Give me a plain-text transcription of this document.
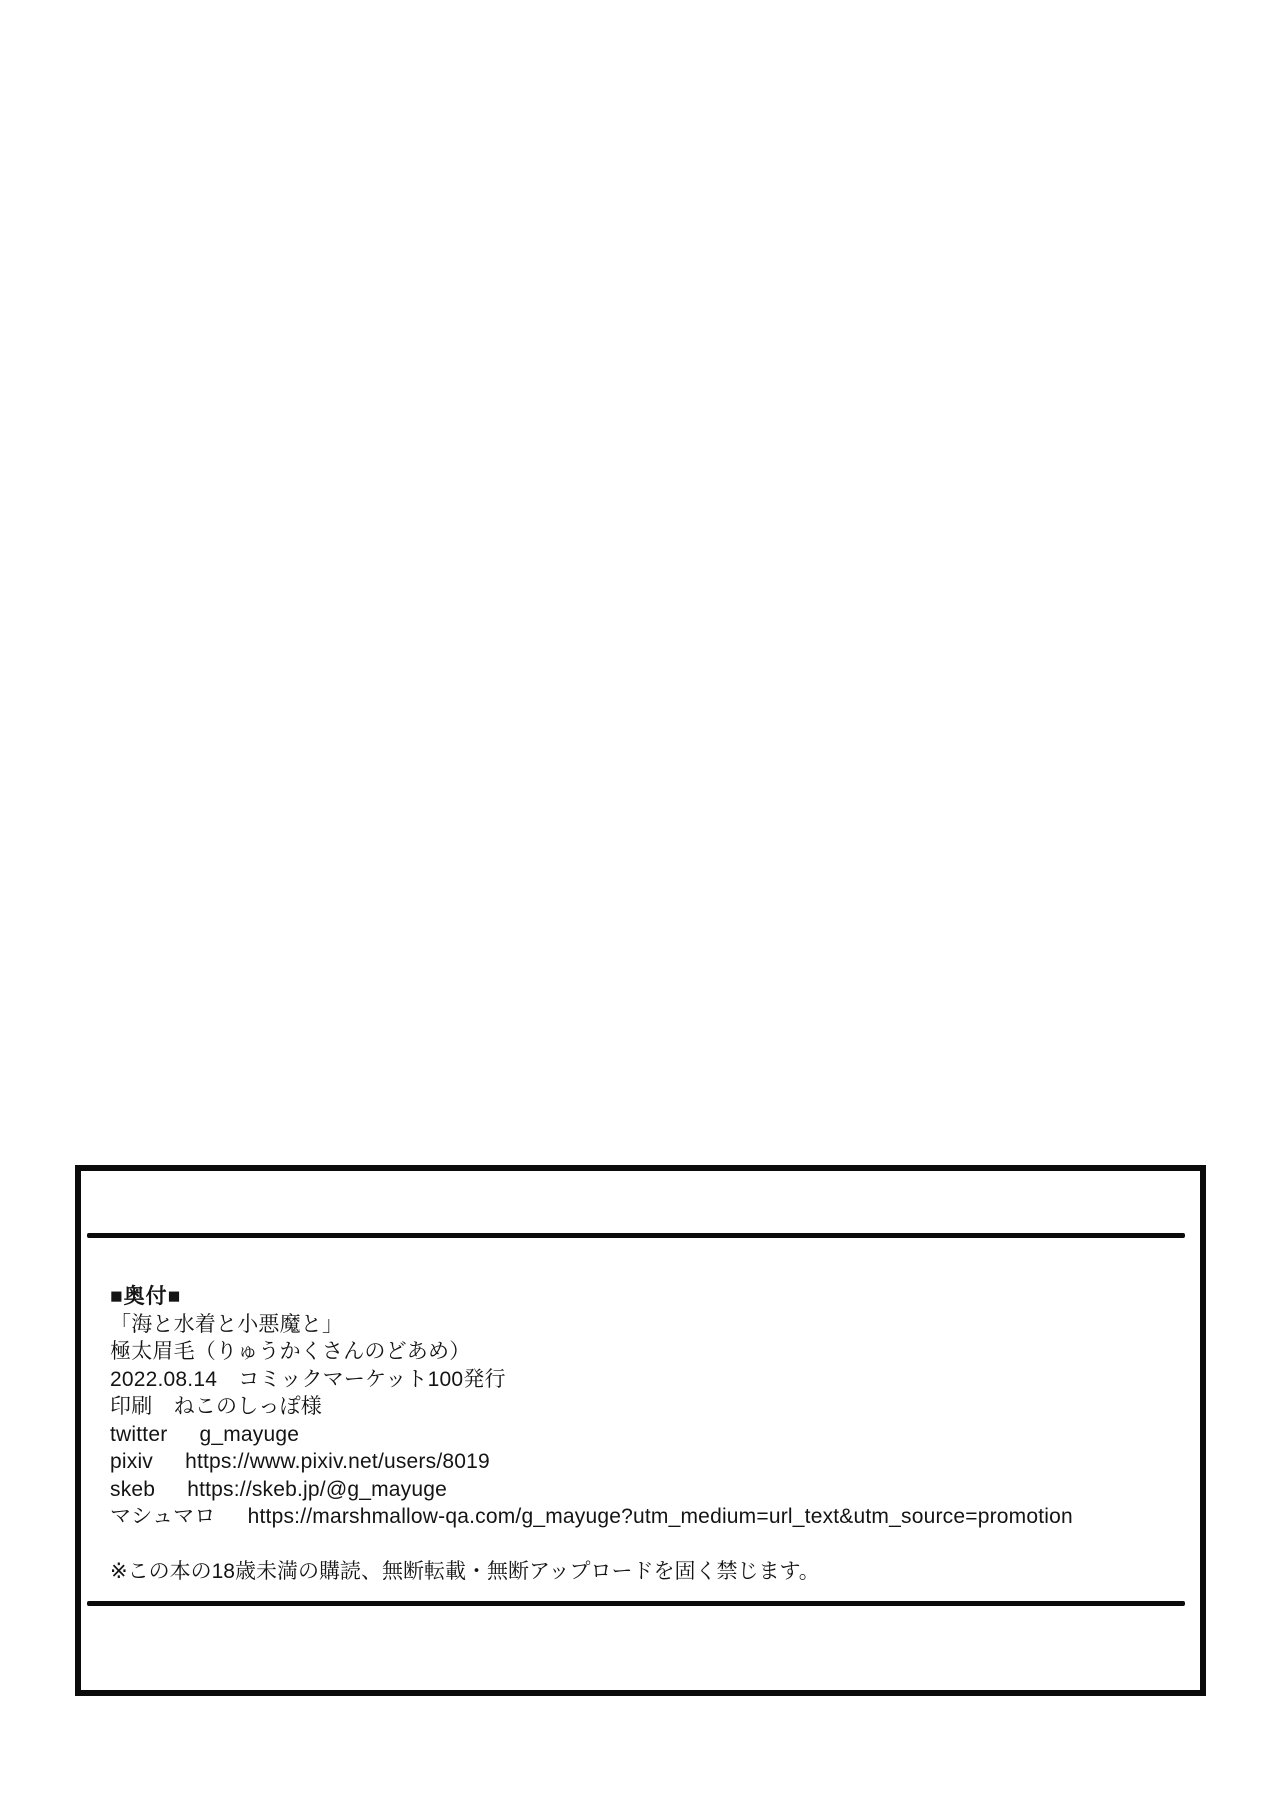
■奥付■
「海と水着と小悪魔と」
極太眉毛（りゅうかくさんのどあめ）
2022.08.14　コミックマーケット100発行
印刷　ねこのしっぽ様
twitter g_mayuge
pixiv https://www.pixiv.net/users/8019
skeb https://skeb.jp/@g_mayuge
マシュマロ https://marshmallow-qa.com/g_mayuge?utm_medium=url_text&utm_source=promotion
※この本の18歳未満の購読、無断転載・無断アップロードを固く禁じます。
